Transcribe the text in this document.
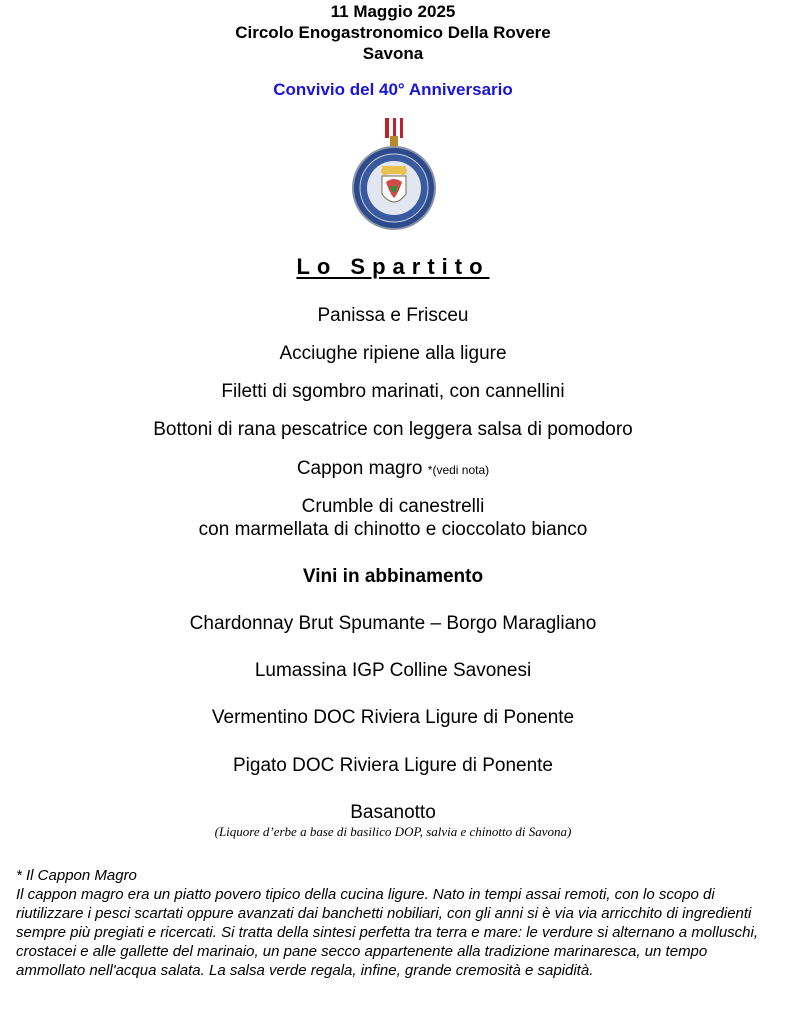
11 Maggio 2025
Circolo Enogastronomico Della Rovere
Savona
Convivio del 40° Anniversario
Lo Spartito
Panissa e Frisceu
Acciughe ripiene alla ligure
Filetti di sgombro marinati, con cannellini
Bottoni di rana pescatrice con leggera salsa di pomodoro
Cappon magro *(vedi nota)
Crumble di canestrelli
con marmellata di chinotto e cioccolato bianco
Vini in abbinamento
Chardonnay Brut Spumante – Borgo Maragliano
Lumassina IGP Colline Savonesi
Vermentino DOC Riviera Ligure di Ponente
Pigato DOC Riviera Ligure di Ponente
Basanotto
(Liquore d’erbe a base di basilico DOP, salvia e chinotto di Savona)
* Il Cappon Magro
Il cappon magro era un piatto povero tipico della cucina ligure. Nato in tempi assai remoti, con lo scopo di riutilizzare i pesci scartati oppure avanzati dai banchetti nobiliari, con gli anni si è via via arricchito di ingredienti sempre più pregiati e ricercati. Si tratta della sintesi perfetta tra terra e mare: le verdure si alternano a molluschi, crostacei e alle gallette del marinaio, un pane secco appartenente alla tradizione marinaresca, un tempo ammollato nell'acqua salata. La salsa verde regala, infine, grande cremosità e sapidità.
